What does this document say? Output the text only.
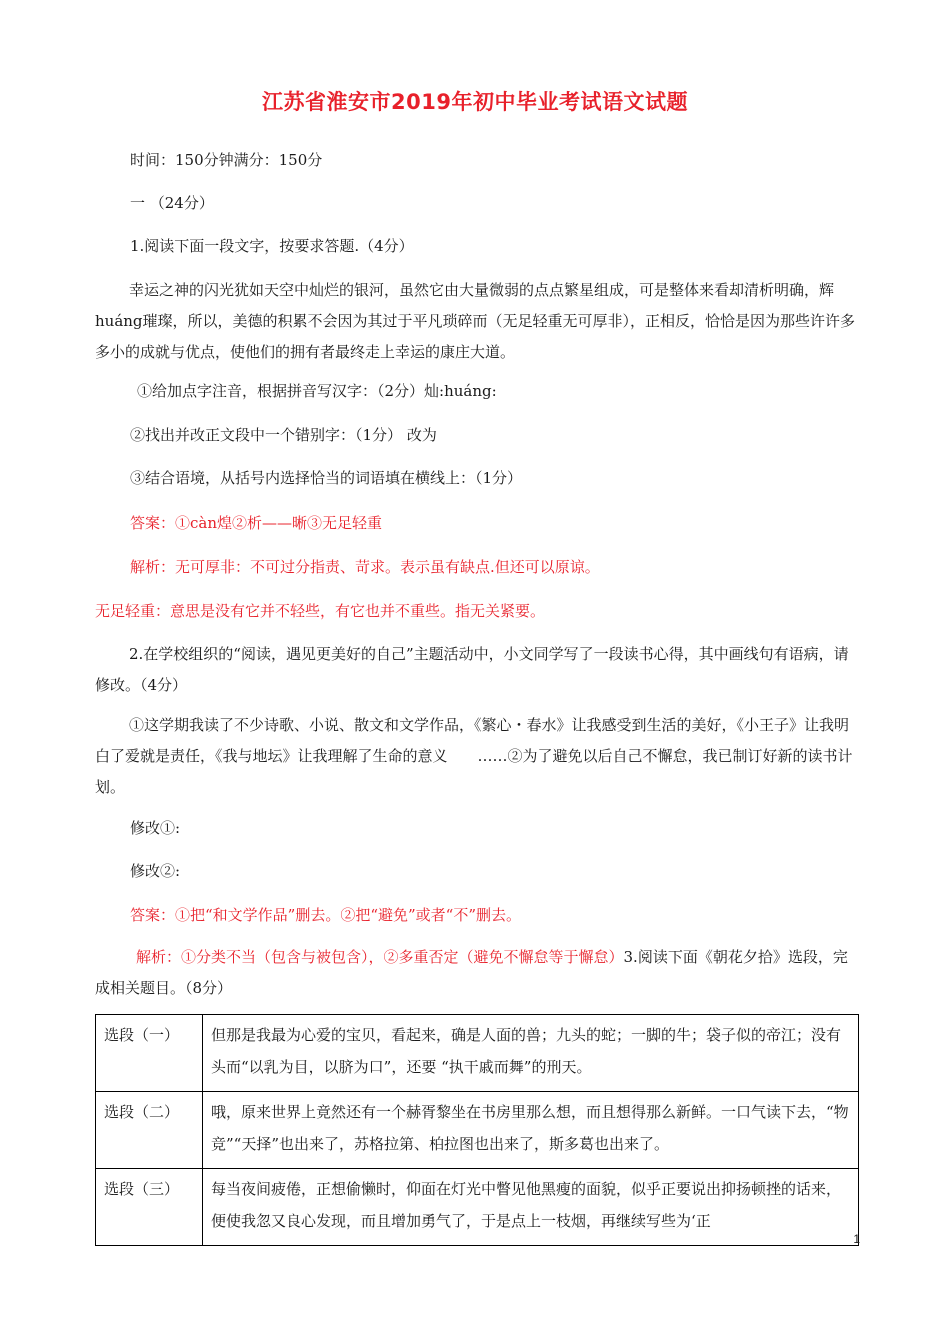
江苏省淮安市2019年初中毕业考试语文试题
时间：150分钟满分：150分
一 （24分）
1.阅读下面一段文字，按要求答题.（4分）
幸运之神的闪光犹如天空中灿烂的银河，虽然它由大量微弱的点点繁星组成，可是整体来看却清析明确，辉huáng璀璨，所以，美德的积累不会因为其过于平凡琐碎而（无足轻重无可厚非），正相反，恰恰是因为那些许许多多小的成就与优点，使他们的拥有者最终走上幸运的康庄大道。
①给加点字注音，根据拼音写汉字：（2分）灿:huáng:
②找出并改正文段中一个错别字：（1分） 改为
③结合语境，从括号内选择恰当的词语填在横线上：（1分）
答案：①càn煌②析——晰③无足轻重
解析：无可厚非：不可过分指责、苛求。表示虽有缺点.但还可以原谅。
无足轻重：意思是没有它并不轻些，有它也并不重些。指无关紧要。
2.在学校组织的“阅读，遇见更美好的自己”主题活动中，小文同学写了一段读书心得，其中画线句有语病，请修改。（4分）
①这学期我读了不少诗歌、小说、散文和文学作品，《繁心・春水》让我感受到生活的美好，《小王子》让我明白了爱就是责任，《我与地坛》让我理解了生命的意义　　……②为了避免以后自己不懈怠，我已制订好新的读书计划。
修改①:
修改②:
答案：①把“和文学作品”删去。②把“避免”或者“不”删去。
解析：①分类不当（包含与被包含），②多重否定（避免不懈怠等于懈怠）3.阅读下面《朝花夕拾》选段，完成相关题目。（8分）
选段（一）	但那是我最为心爱的宝贝，看起来，确是人面的兽；九头的蛇；一脚的牛；袋子似的帝江；没有头而“以乳为目，以脐为口”，还要 “执干戚而舞”的刑天。
选段（二）	哦，原来世界上竟然还有一个赫胥黎坐在书房里那么想，而且想得那么新鲜。一口气读下去，“物竞”“天择”也出来了，苏格拉第、柏拉图也出来了，斯多葛也出来了。
选段（三）	每当夜间疲倦，正想偷懒时，仰面在灯光中瞥见他黑瘦的面貌，似乎正要说出抑扬顿挫的话来，便使我忽又良心发现，而且增加勇气了，于是点上一枝烟，再继续写些为‘正
1
